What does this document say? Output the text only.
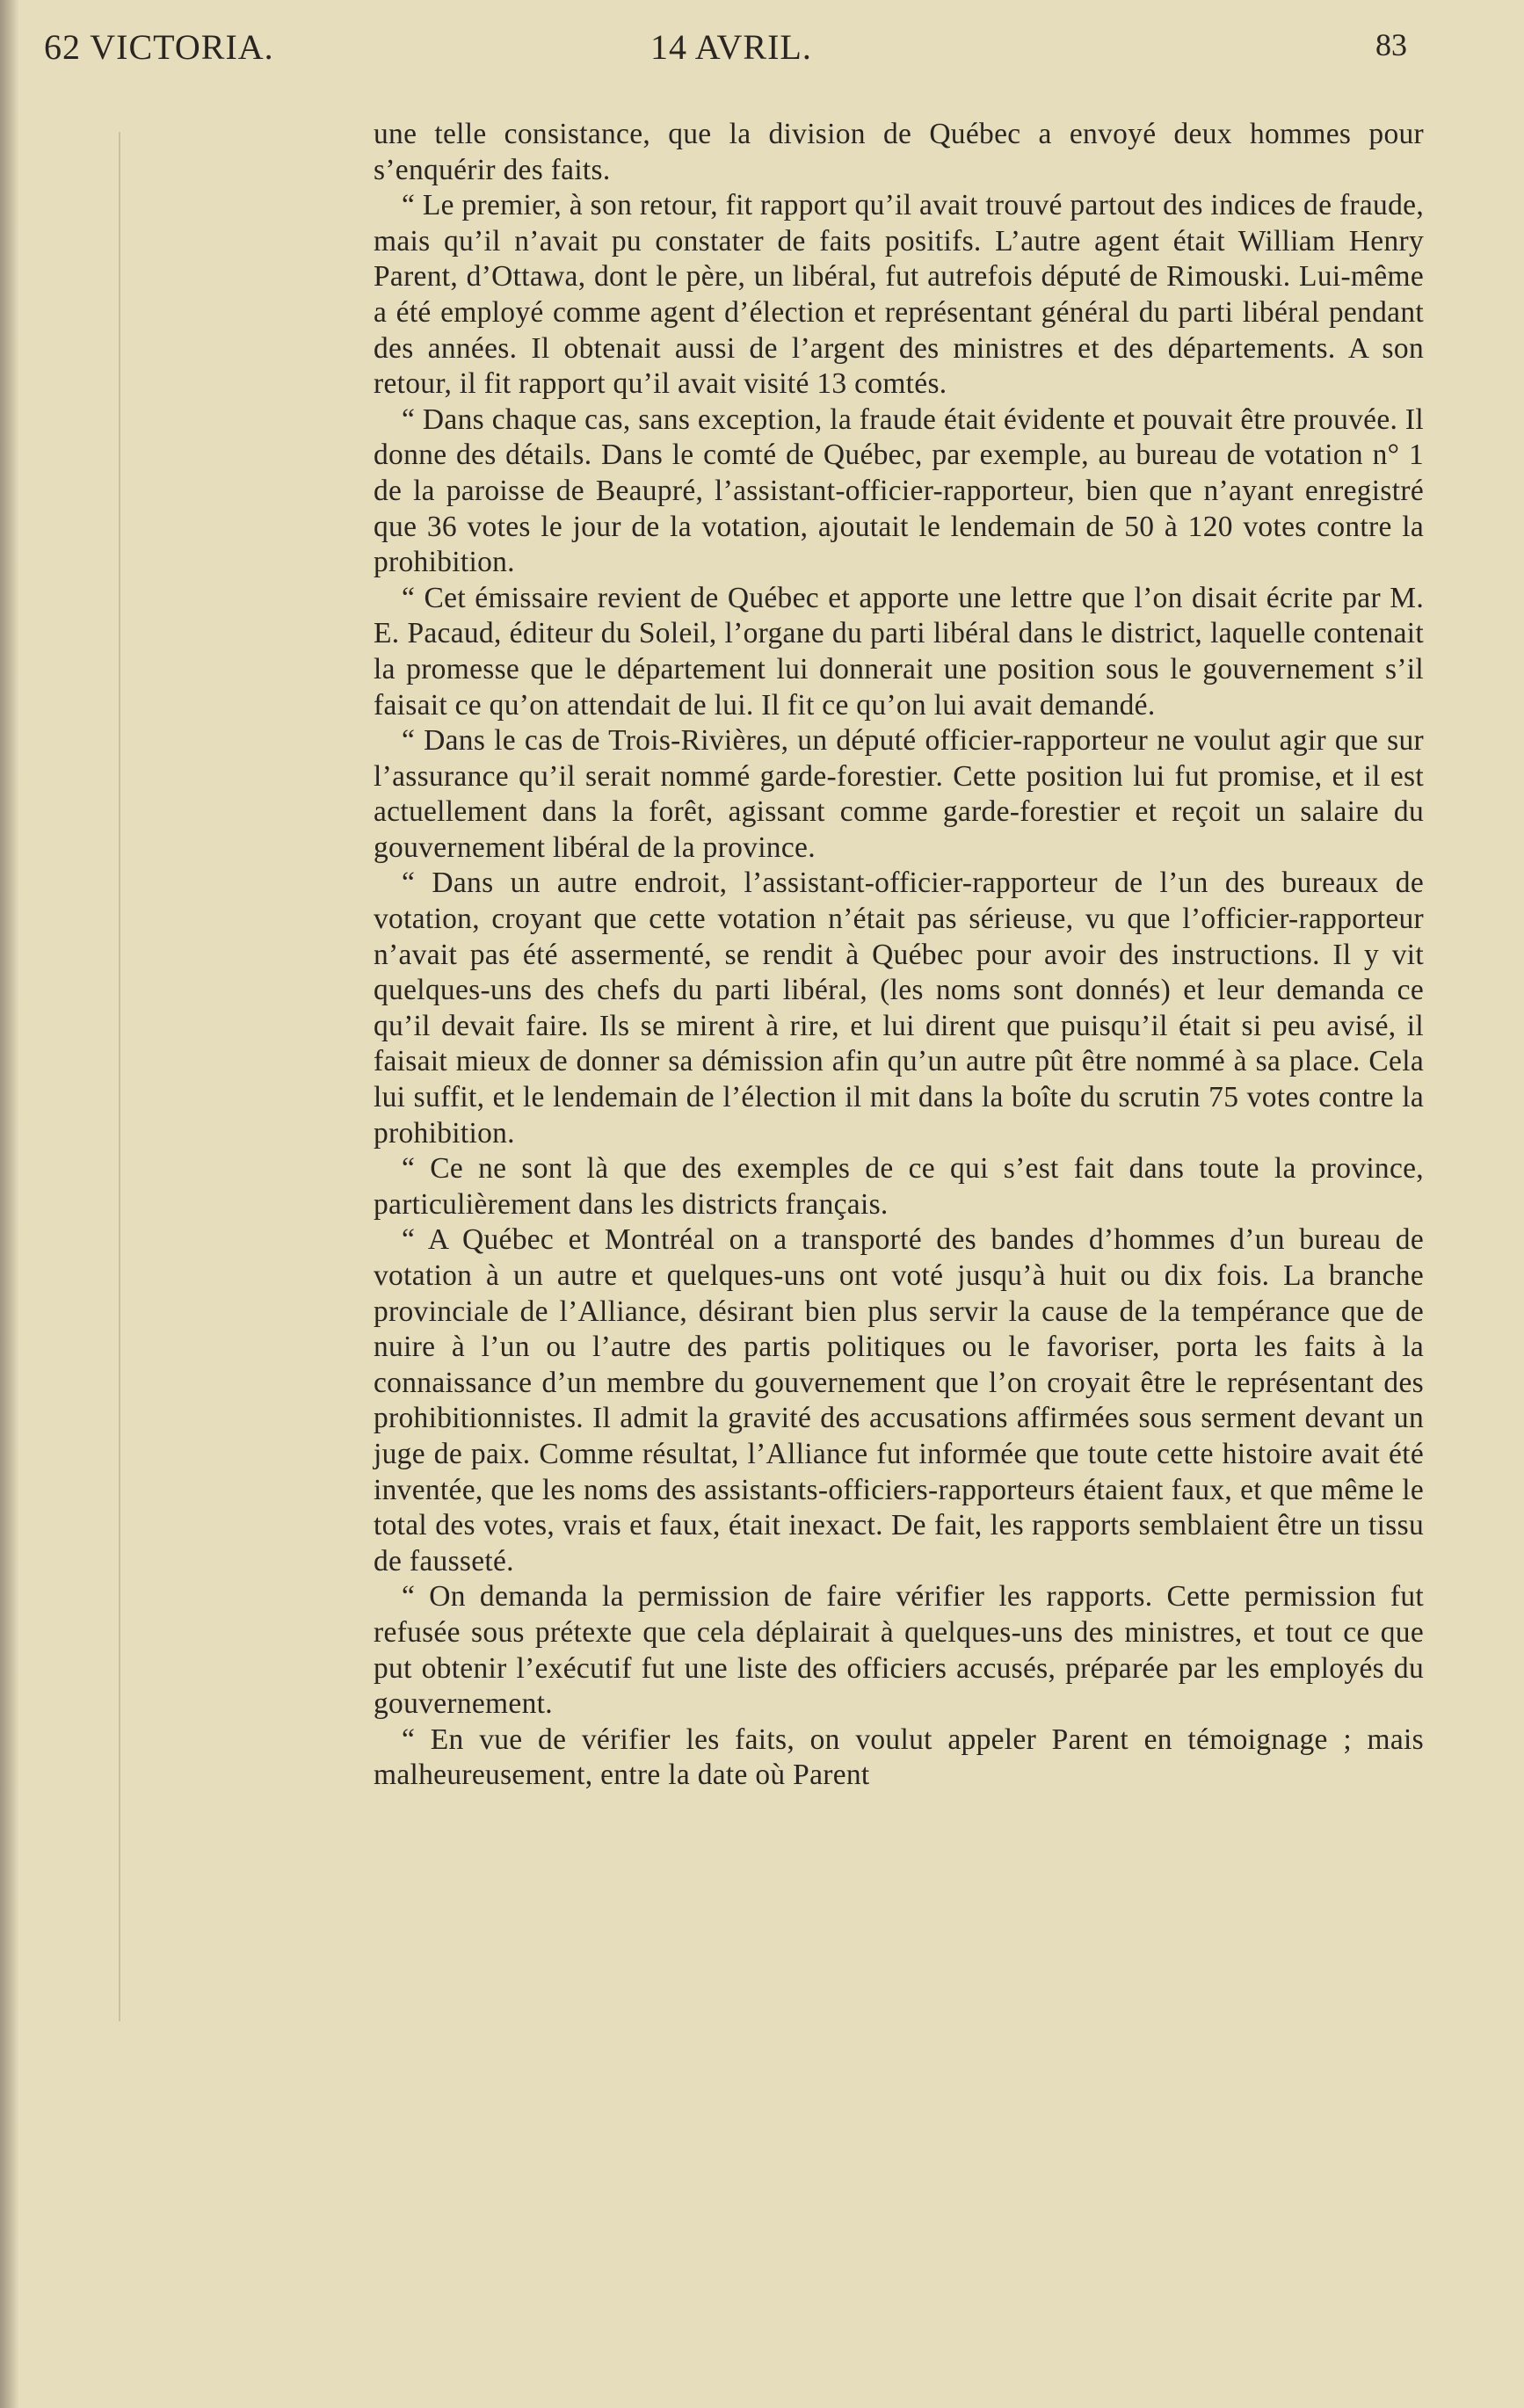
62 VICTORIA.	14 AVRIL.	83

une telle consistance, que la division de Québec a envoyé deux hommes pour s’enquérir des faits.

“ Le premier, à son retour, fit rapport qu’il avait trouvé partout des indices de fraude, mais qu’il n’avait pu constater de faits positifs. L’autre agent était William Henry Parent, d’Ottawa, dont le père, un libéral, fut autrefois député de Rimouski. Lui-même a été employé comme agent d’élection et représentant général du parti libéral pendant des années. Il obtenait aussi de l’argent des ministres et des départements. A son retour, il fit rapport qu’il avait visité 13 comtés.

“ Dans chaque cas, sans exception, la fraude était évidente et pouvait être prouvée. Il donne des détails. Dans le comté de Québec, par exemple, au bureau de votation n° 1 de la paroisse de Beaupré, l’assistant-officier-rapporteur, bien que n’ayant enregistré que 36 votes le jour de la votation, ajoutait le lendemain de 50 à 120 votes contre la prohibition.

“ Cet émissaire revient de Québec et apporte une lettre que l’on disait écrite par M. E. Pacaud, éditeur du Soleil, l’organe du parti libéral dans le district, laquelle contenait la promesse que le département lui donnerait une position sous le gouvernement s’il faisait ce qu’on attendait de lui. Il fit ce qu’on lui avait demandé.

“ Dans le cas de Trois-Rivières, un député officier-rapporteur ne voulut agir que sur l’assurance qu’il serait nommé garde-forestier. Cette position lui fut promise, et il est actuellement dans la forêt, agissant comme garde-forestier et reçoit un salaire du gouvernement libéral de la province.

“ Dans un autre endroit, l’assistant-officier-rapporteur de l’un des bureaux de votation, croyant que cette votation n’était pas sérieuse, vu que l’officier-rapporteur n’avait pas été assermenté, se rendit à Québec pour avoir des instructions. Il y vit quelques-uns des chefs du parti libéral, (les noms sont donnés) et leur demanda ce qu’il devait faire. Ils se mirent à rire, et lui dirent que puisqu’il était si peu avisé, il faisait mieux de donner sa démission afin qu’un autre pût être nommé à sa place. Cela lui suffit, et le lendemain de l’élection il mit dans la boîte du scrutin 75 votes contre la prohibition.

“ Ce ne sont là que des exemples de ce qui s’est fait dans toute la province, particulièrement dans les districts français.

“ A Québec et Montréal on a transporté des bandes d’hommes d’un bureau de votation à un autre et quelques-uns ont voté jusqu’à huit ou dix fois. La branche provinciale de l’Alliance, désirant bien plus servir la cause de la tempérance que de nuire à l’un ou l’autre des partis politiques ou le favoriser, porta les faits à la connaissance d’un membre du gouvernement que l’on croyait être le représentant des prohibitionnistes. Il admit la gravité des accusations affirmées sous serment devant un juge de paix. Comme résultat, l’Alliance fut informée que toute cette histoire avait été inventée, que les noms des assistants-officiers-rapporteurs étaient faux, et que même le total des votes, vrais et faux, était inexact. De fait, les rapports semblaient être un tissu de fausseté.

“ On demanda la permission de faire vérifier les rapports. Cette permission fut refusée sous prétexte que cela déplairait à quelques-uns des ministres, et tout ce que put obtenir l’exécutif fut une liste des officiers accusés, préparée par les employés du gouvernement.

“ En vue de vérifier les faits, on voulut appeler Parent en témoignage ; mais malheureusement, entre la date où Parent
